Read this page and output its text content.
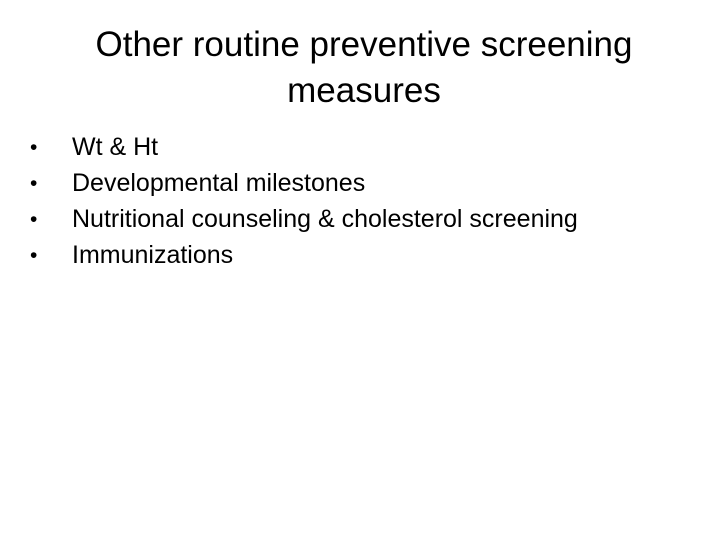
Other routine preventive screening
measures
•	Wt & Ht
•	Developmental milestones
•	Nutritional counseling & cholesterol screening
•	Immunizations
